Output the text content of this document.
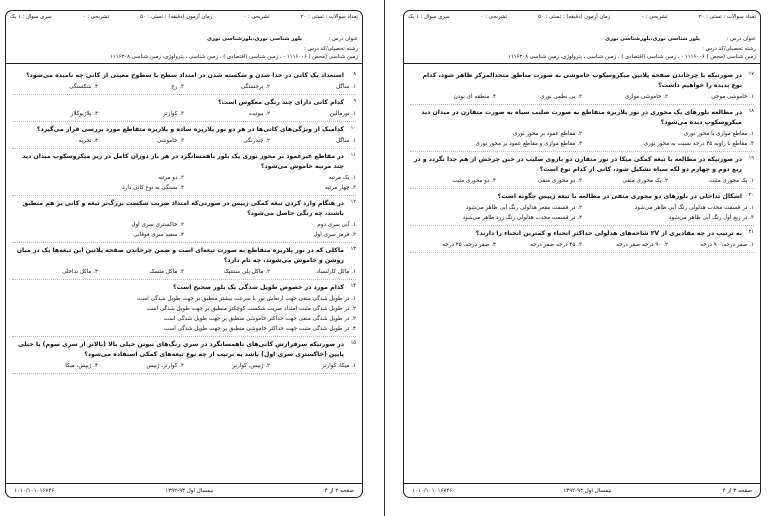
تعداد سوالات : تستی : ۲۰
تشریحی : ۰
زمان آزمون (دقیقه) : تستی : ۵۰
تشریحی : ۰
سری سوال : ۱ یک
عنوان درس :
بلور شناسی نوری،بلورشناسی نوری
رشته تحصیلی/کد درس :
زمین شناسی (محض ) ۱۱۱۶۰۰۶ - ، زمین شناسی (اقتصادی ) ، زمین شناسی ، پترولوژی، زمین شناسی ۱۱۱۶۳۰۸
۸
استعداد یک کانی در جدا شدن و شکسته شدن در امتداد سطح یا سطوح معینی از کانی چه نامیده می‌شود؟
۱. ساگل
۲. برجستگی
۳. رخ
۴. شکستگی
۹
کدام کانی دارای چند رنگی معکوس است؟
۱. تورمالین
۲. بیوتیت
۳. کوارتز
۴. پلاژیوکلاز
۱۰
کدامیک از ویژگی‌های کانی‌ها در هر دو نور پلاریزه ساده و پلاریزه متقاطع مورد بررسی قرار می‌گیرد؟
۱. ساگل
۲. چندرنگی
۳. خاموشی
۴. تجزیه
۱۱
در مقاطع غیرعمود بر محور نوری یک بلور ناهمسانگرد در هر بار دوران کامل در زیر میکروسکوپ میدان دید چند مرتبه خاموش می‌شود؟
۱. یک مرتبه
۲. دو مرتبه
۳. چهار مرتبه
۴. بستگی به نوع کانی دارد
۱۲
در هنگام وارد کردن تیغه کمکی ژیپس در صورتی‌که امتداد ضریب شکست بزرگ‌تر تیغه و کانی بر هم منطبق باشند، چه رنگی حاصل می‌شود؟
۱. آبی سری دوم
۲. خاکستری سری اول
۳. قرمز سری اول
۴. سفید سری فوقانی
۱۳
ماکلی که در نور پلاریزه متقاطع به صورت تیغه‌ای است و ضمن چرخاندن صفحه پلاتین این تیغه‌ها یک در میان روشن و خاموش می‌شوند، چه نام دارد؟
۱. ماکل کارلسباد
۲. ماکل پلی سنتتیک
۳. ماکل متسک
۴. ماکل تداخلی
۱۴
کدام مورد در خصوص طویل شدگی یک بلور صحیح است؟
۱. در طویل شدگی منفی جهت ارتعاش نور با سرعت بیشتر منطبق بر جهت طویل شدگی است
۲. در طویل شدگی مثبت امتداد ضریب شکست کوچکتر منطبق بر جهت طویل شدگی است
۳. در طویل شدگی منفی جهت حداکثر خاموشی منطبق بر جهت طویل شدگی است
۴. در طویل شدگی مثبت جهت حداکثر خاموشی منطبق بر جهت طویل شدگی است
۱۵
در صورتیکه سرفرازش کانی‌های ناهمسانگرد در سری رنگ‌های نیوتن خیلی بالا (بالاتر از سری سوم) یا خیلی پایین (خاکستری سری اول) باشد به ترتیب از چه نوع تیغه‌های کمکی استفاده می‌شود؟
۱. میکا، کوارتز
۲. ژیپس، کوارتز
۳. کوارتز، ژیپس
۴. ژیپس، میکا
صفحه ۲ از ۴
نیمسال اول ۹۳-۱۳۹۲
۱۰۱۰/۱۰۱۰۱۶۷۴۶
تعداد سوالات : تستی : ۲۰
تشریحی : ۰
زمان آزمون (دقیقه) : تستی : ۵۰
تشریحی : ۰
سری سوال : ۱ یک
عنوان درس :
بلور شناسی نوری،بلورشناسی نوری
رشته تحصیلی/کد درس :
زمین شناسی (محض ) ۱۱۱۶۰۰۶ - ، زمین شناسی (اقتصادی ) ، زمین شناسی ، پترولوژی، زمین شناسی ۱۱۱۶۳۰۸
۱۷
در صورتیکه با چرخاندن صفحه پلاتین میکروسکوپ خاموشی به صورت مناطق متحدالمرکز ظاهر شود، کدام نوع پدیده را خواهیم داشت؟
۱. خاموشی موجی
۲. خاموشی موازی
۳. بی نظمی نوری
۴. منطقه ای بودن
۱۸
در مطالعه بلورهای یک محوری در نور پلاریزه متقاطع به صورت صلیب سیاه به صورت متقارن در میدان دید میکروسکوپ دیده می‌شود؟
۱. مقاطع موازی با محور نوری
۲. مقاطع عمود بر محور نوری
۳. مقاطع با زاویه ۴۵ درجه نسبت به محور نوری
۴. مقاطع موازی و مقاطع عمود بر محور نوری
۱۹
در صورتیکه در مطالعه با تیغه کمکی میکا در نور متقارن دو بازوی صلیب در حین چرخش از هم جدا نگردد و در ربع دوم و چهارم دو لکه سیاه تشکیل شود، کانی از کدام نوع است؟
۱. یک محوری مثبت
۲. یک محوری منفی
۳. دو محوری منفی
۴. دو محوری مثبت
۲۰
اشکال تداخلی در بلورهای دو محوری منفی در مطالعه با تیغه ژیپس چگونه است؟
۱. در قسمت محدب هذلولی رنگ آبی ظاهر می‌شود
۲. در قسمت مقعر هذلولی رنگ آبی ظاهر می‌شود
۳. در ربع اول رنگ آبی ظاهر می‌شود
۴. در قسمت محدب هذلولی رنگ زرد ظاهر می‌شود
۲۱
به ترتیب در چه مقادیری از ۲V شاخه‌های هذلولی حداکثر انحناء و کمترین انحناء را دارند؟
۱. صفر درجه، ۹۰ درجه
۲. ۹۰ درجه صفر درجه
۳. ۴۵ درجه صفر درجه
۴. صفر درجه، ۴۵ درجه
صفحه ۳ از ۴
نیمسال اول ۹۳-۱۳۹۲
۱۰۱۰/۱۰۱۰۱۶۷۴۶
